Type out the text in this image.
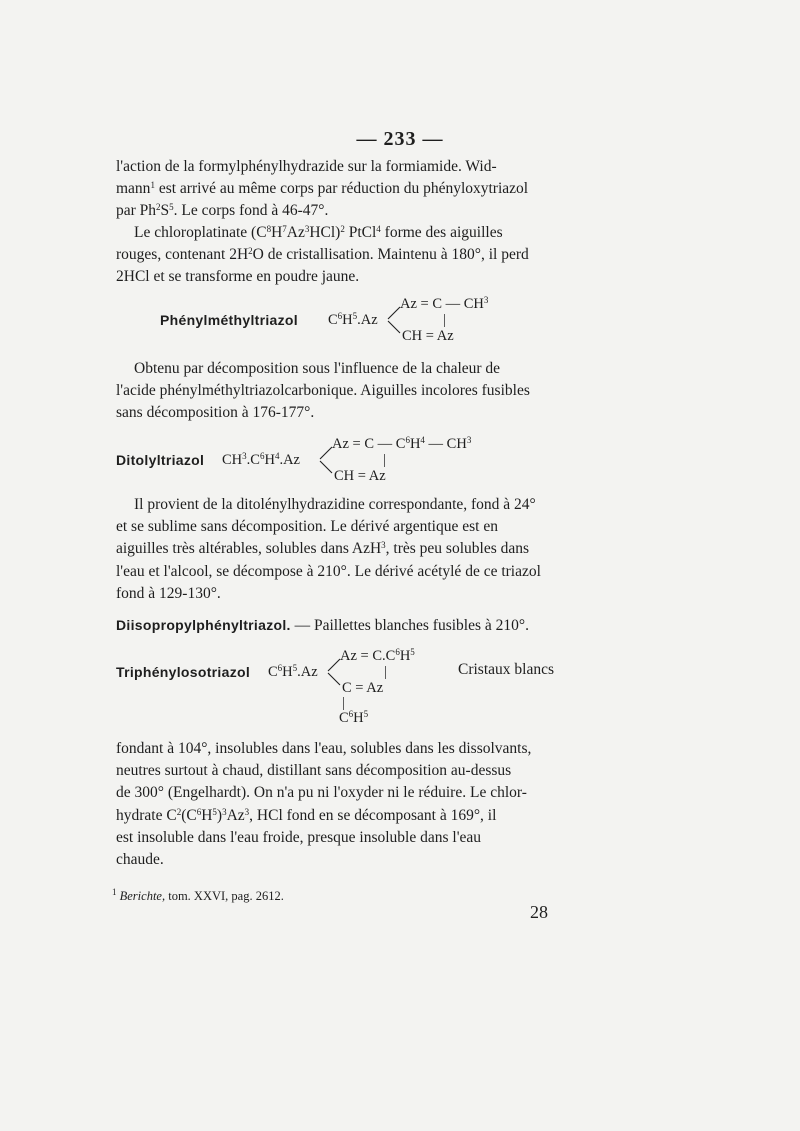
— 233 —

l'action de la formylphénylhydrazide sur la formiamide. Wid-
mann$^1$ est arrivé au même corps par réduction du phényloxytriazol
par $Ph^2S^5$. Le corps fond à 46-47°.

Le chloroplatinate $(C^8H^7Az^3HCl)^2$ PtCl$^4$ forme des aiguilles
rouges, contenant $2H^2O$ de cristallisation. Maintenu à 180°, il perd
2HCl et se transforme en poudre jaune.

Phénylméthyltriazol $C^6H^5.Az$
Az = C — $CH^3$
|
CH = Az

Obtenu par décomposition sous l'influence de la chaleur de
l'acide phénylméthyltriazolcarbonique. Aiguilles incolores fusibles
sans décomposition à 176-177°.

Ditolyltriazol $CH^3.C^6H^4.Az$
Az = C — $C^6H^4$ — $CH^3$
|
CH = Az

Il provient de la ditolénylhydrazidine correspondante, fond à 24°
et se sublime sans décomposition. Le dérivé argentique est en
aiguilles très altérables, solubles dans AzH$^3$, très peu solubles dans
l'eau et l'alcool, se décompose à 210°. Le dérivé acétylé de ce triazol
fond à 129-130°.

Diisopropylphényltriazol. — Paillettes blanches fusibles à 210°.

Triphénylosotriazol $C^6H^5.Az$
$Az = C.C^6H^5$
|
C = Az
|
$C^6H^5$
Cristaux blancs

fondant à 104°, insolubles dans l'eau, solubles dans les dissolvants,
neutres surtout à chaud, distillant sans décomposition au-dessus
de 300° (Engelhardt). On n'a pu ni l'oxyder ni le réduire. Le chlor-
hydrate $C^2(C^6H^5)^3Az^3$, HCl fond en se décomposant à 169°, il
est insoluble dans l'eau froide, presque insoluble dans l'eau
chaude.

$^1$ Berichte, tom. XXVI, pag. 2612.
28
